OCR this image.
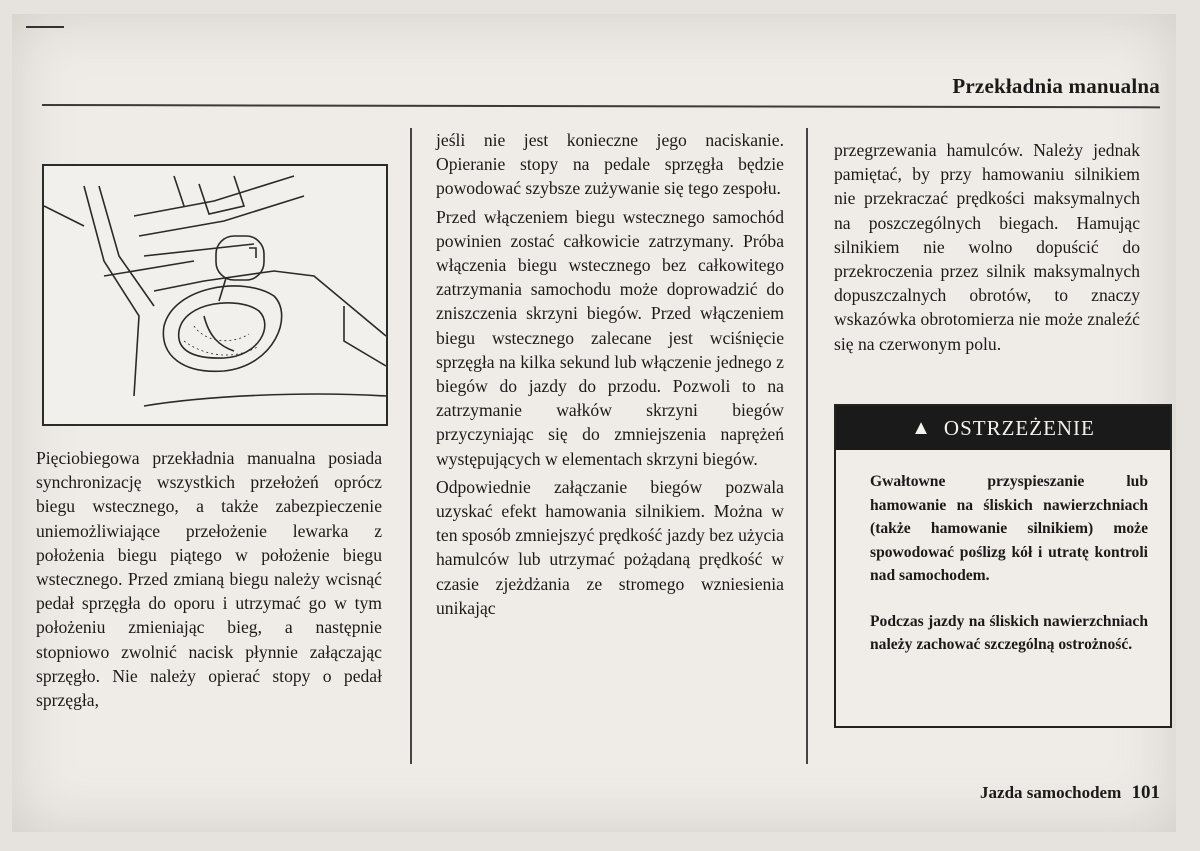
Przekładnia manualna

Pięciobiegowa przekładnia manualna posiada synchronizację wszystkich przełożeń oprócz biegu wstecznego, a także zabezpieczenie uniemożliwiające przełożenie lewarka z położenia biegu piątego w położenie biegu wstecznego. Przed zmianą biegu należy wcisnąć pedał sprzęgła do oporu i utrzymać go w tym położeniu zmieniając bieg, a następnie stopniowo zwolnić nacisk płynnie załączając sprzęgło. Nie należy opierać stopy o pedał sprzęgła,

jeśli nie jest konieczne jego naciskanie. Opieranie stopy na pedale sprzęgła będzie powodować szybsze zużywanie się tego zespołu.

Przed włączeniem biegu wstecznego samochód powinien zostać całkowicie zatrzymany. Próba włączenia biegu wstecznego bez całkowitego zatrzymania samochodu może doprowadzić do zniszczenia skrzyni biegów. Przed włączeniem biegu wstecznego zalecane jest wciśnięcie sprzęgła na kilka sekund lub włączenie jednego z biegów do jazdy do przodu. Pozwoli to na zatrzymanie wałków skrzyni biegów przyczyniając się do zmniejszenia naprężeń występujących w elementach skrzyni biegów.

Odpowiednie załączanie biegów pozwala uzyskać efekt hamowania silnikiem. Można w ten sposób zmniejszyć prędkość jazdy bez użycia hamulców lub utrzymać pożądaną prędkość w czasie zjeżdżania ze stromego wzniesienia unikając

przegrzewania hamulców. Należy jednak pamiętać, by przy hamowaniu silnikiem nie przekraczać prędkości maksymalnych na poszczególnych biegach. Hamując silnikiem nie wolno dopuścić do przekroczenia przez silnik maksymalnych dopuszczalnych obrotów, to znaczy wskazówka obrotomierza nie może znaleźć się na czerwonym polu.

▲ OSTRZEŻENIE

Gwałtowne przyspieszanie lub hamowanie na śliskich nawierzchniach (także hamowanie silnikiem) może spowodować poślizg kół i utratę kontroli nad samochodem.

Podczas jazdy na śliskich nawierzchniach należy zachować szczególną ostrożność.

Jazda samochodem 101
